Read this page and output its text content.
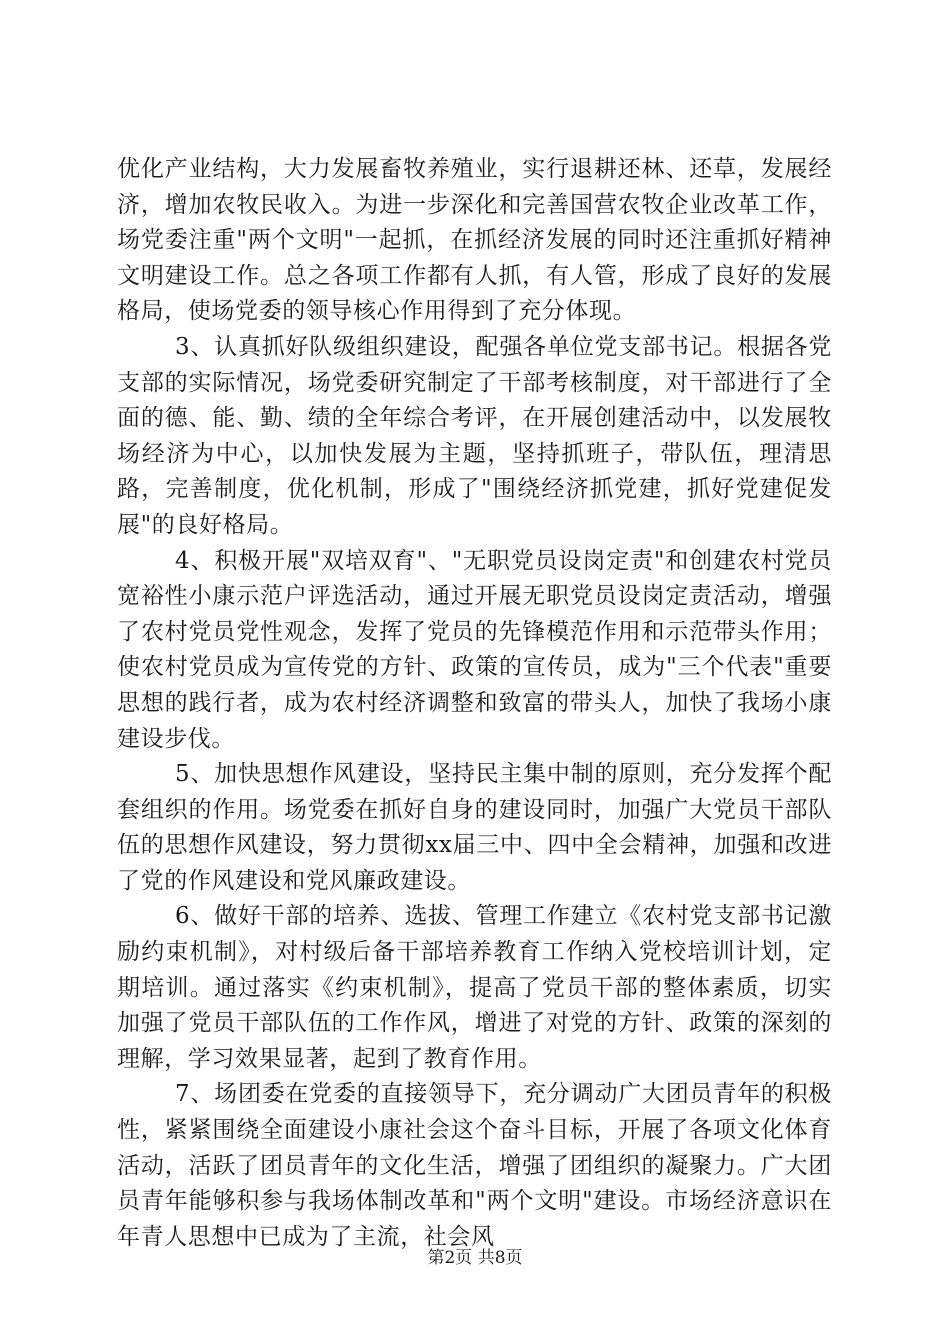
优化产业结构，大力发展畜牧养殖业，实行退耕还林、还草，发展经济，增加农牧民收入。为进一步深化和完善国营农牧企业改革工作，场党委注重"两个文明"一起抓，在抓经济发展的同时还注重抓好精神文明建设工作。总之各项工作都有人抓，有人管，形成了良好的发展格局，使场党委的领导核心作用得到了充分体现。

3、认真抓好队级组织建设，配强各单位党支部书记。根据各党支部的实际情况，场党委研究制定了干部考核制度，对干部进行了全面的德、能、勤、绩的全年综合考评，在开展创建活动中，以发展牧场经济为中心，以加快发展为主题，坚持抓班子，带队伍，理清思路，完善制度，优化机制，形成了"围绕经济抓党建，抓好党建促发展"的良好格局。

4、积极开展"双培双育"、"无职党员设岗定责"和创建农村党员宽裕性小康示范户评选活动，通过开展无职党员设岗定责活动，增强了农村党员党性观念，发挥了党员的先锋模范作用和示范带头作用；使农村党员成为宣传党的方针、政策的宣传员，成为"三个代表"重要思想的践行者，成为农村经济调整和致富的带头人，加快了我场小康建设步伐。

5、加快思想作风建设，坚持民主集中制的原则，充分发挥个配套组织的作用。场党委在抓好自身的建设同时，加强广大党员干部队伍的思想作风建设，努力贯彻xx届三中、四中全会精神，加强和改进了党的作风建设和党风廉政建设。

6、做好干部的培养、选拔、管理工作建立《农村党支部书记激励约束机制》，对村级后备干部培养教育工作纳入党校培训计划，定期培训。通过落实《约束机制》，提高了党员干部的整体素质，切实加强了党员干部队伍的工作作风，增进了对党的方针、政策的深刻的理解，学习效果显著，起到了教育作用。

7、场团委在党委的直接领导下，充分调动广大团员青年的积极性，紧紧围绕全面建设小康社会这个奋斗目标，开展了各项文化体育活动，活跃了团员青年的文化生活，增强了团组织的凝聚力。广大团员青年能够积参与我场体制改革和"两个文明"建设。市场经济意识在年青人思想中已成为了主流，社会风

第2页 共8页
